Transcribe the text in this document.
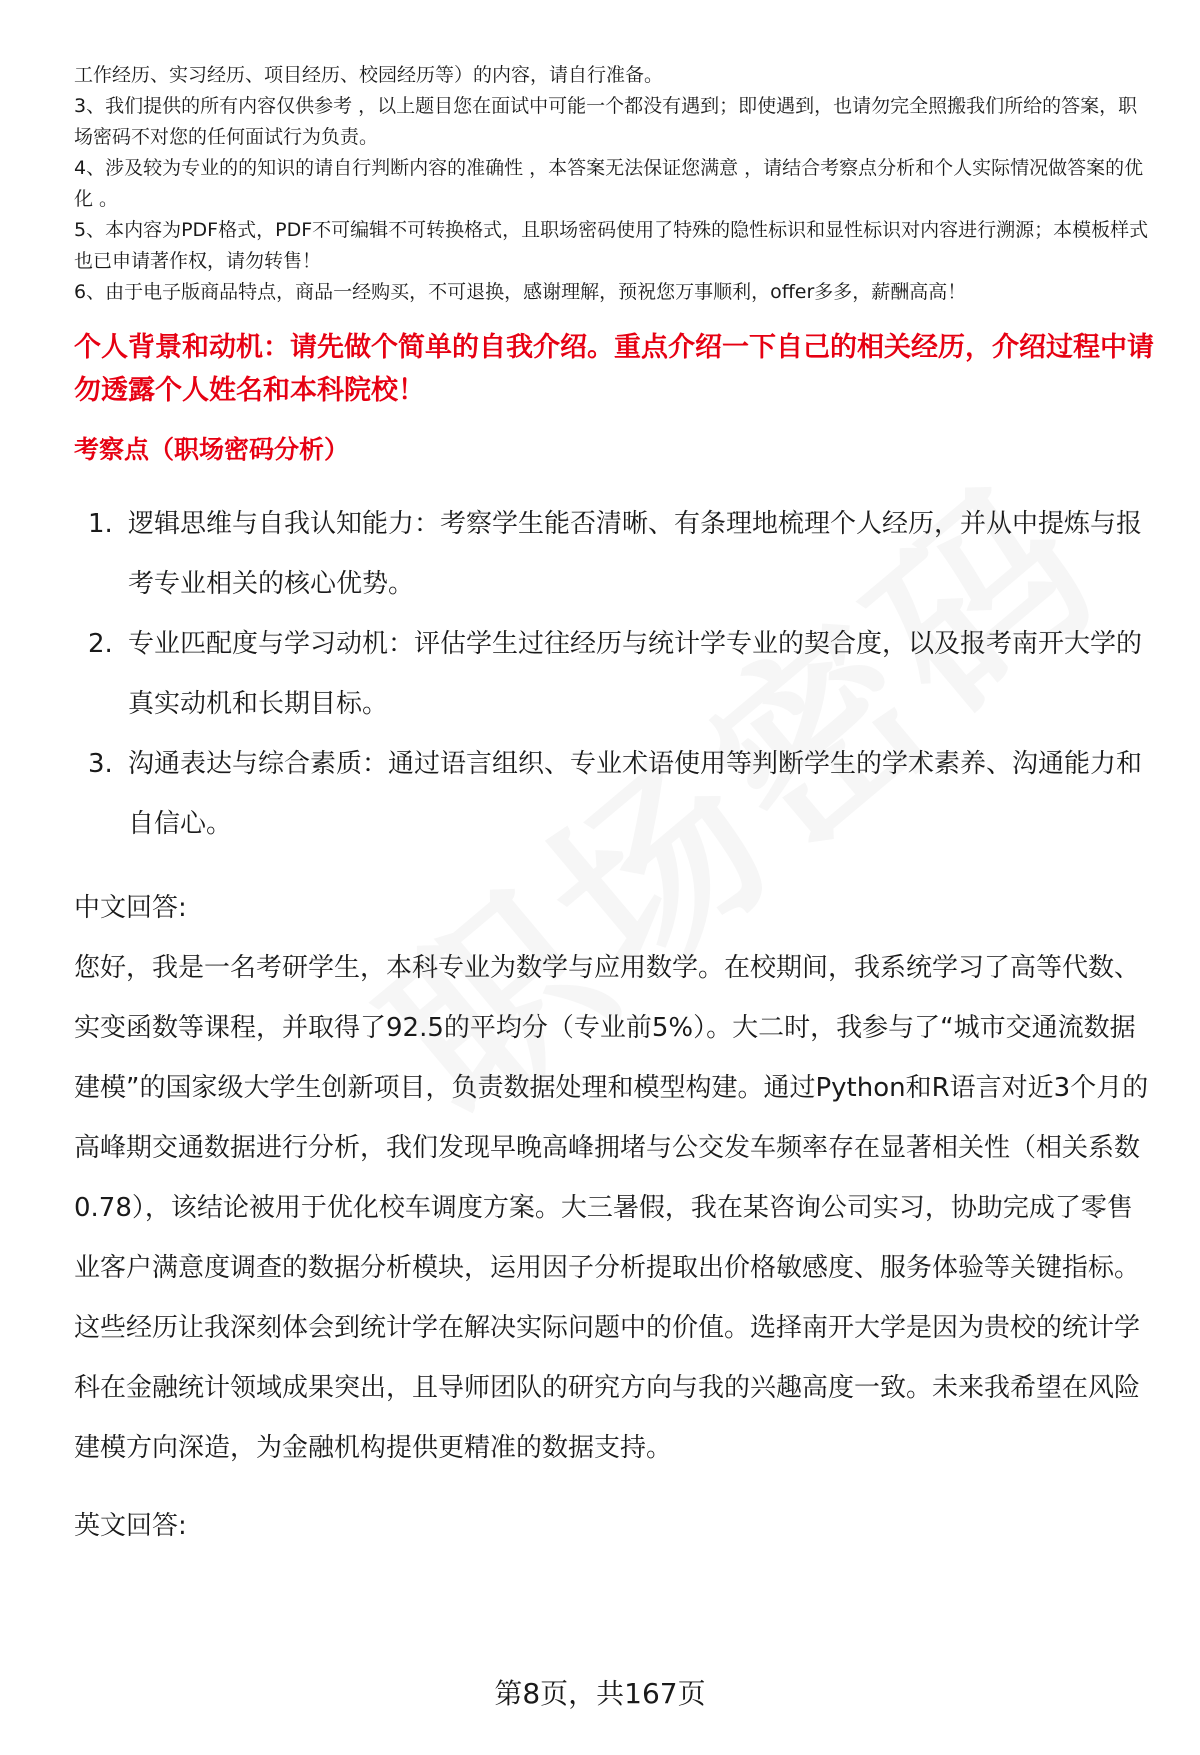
工作经历、实习经历、项目经历、校园经历等）的内容，请自行准备。

3、我们提供的所有内容仅供参考 ，以上题目您在面试中可能一个都没有遇到；即使遇到，也请勿完全照搬我们所给的答案，职场密码不对您的任何面试行为负责。

4、涉及较为专业的的知识的请自行判断内容的准确性 ，本答案无法保证您满意 ，请结合考察点分析和个人实际情况做答案的优化 。

5、本内容为PDF格式，PDF不可编辑不可转换格式，且职场密码使用了特殊的隐性标识和显性标识对内容进行溯源；本模板样式也已申请著作权，请勿转售！

6、由于电子版商品特点，商品一经购买，不可退换，感谢理解，预祝您万事顺利，offer多多，薪酬高高！

个人背景和动机：请先做个简单的自我介绍。重点介绍一下自己的相关经历，介绍过程中请勿透露个人姓名和本科院校！
考察点（职场密码分析）
1. 逻辑思维与自我认知能力：考察学生能否清晰、有条理地梳理个人经历，并从中提炼与报考专业相关的核心优势。
2. 专业匹配度与学习动机：评估学生过往经历与统计学专业的契合度，以及报考南开大学的真实动机和长期目标。
3. 沟通表达与综合素质：通过语言组织、专业术语使用等判断学生的学术素养、沟通能力和自信心。
中文回答:
您好，我是一名考研学生，本科专业为数学与应用数学。在校期间，我系统学习了高等代数、实变函数等课程，并取得了92.5的平均分（专业前5%）。大二时，我参与了“城市交通流数据建模”的国家级大学生创新项目，负责数据处理和模型构建。通过Python和R语言对近3个月的高峰期交通数据进行分析，我们发现早晚高峰拥堵与公交发车频率存在显著相关性（相关系数0.78），该结论被用于优化校车调度方案。大三暑假，我在某咨询公司实习，协助完成了零售业客户满意度调查的数据分析模块，运用因子分析提取出价格敏感度、服务体验等关键指标。这些经历让我深刻体会到统计学在解决实际问题中的价值。选择南开大学是因为贵校的统计学科在金融统计领域成果突出，且导师团队的研究方向与我的兴趣高度一致。未来我希望在风险建模方向深造，为金融机构提供更精准的数据支持。
英文回答:
第8页，共167页
